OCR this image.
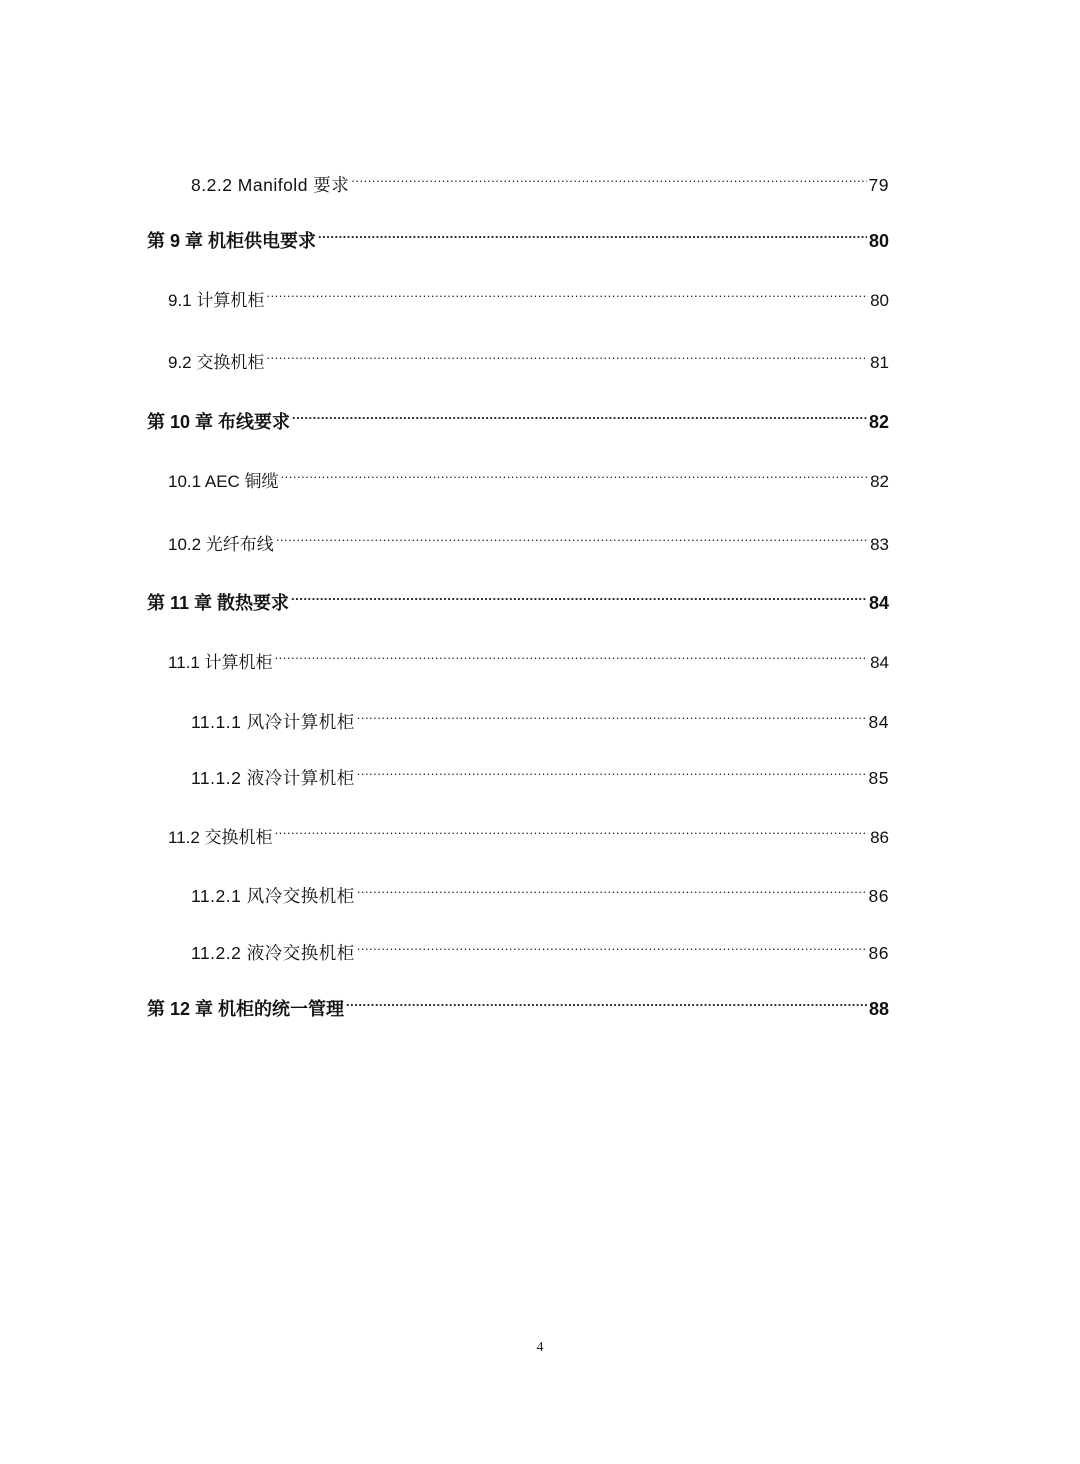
8.2.2 Manifold 要求 .....	79
第 9 章 机柜供电要求 .....	80
9.1 计算机柜 .....	80
9.2 交换机柜 .....	81
第 10 章 布线要求 .....	82
10.1 AEC 铜缆 .....	82
10.2 光纤布线 .....	83
第 11 章 散热要求 .....	84
11.1 计算机柜 .....	84
11.1.1 风冷计算机柜 .....	84
11.1.2 液冷计算机柜 .....	85
11.2 交换机柜 .....	86
11.2.1 风冷交换机柜 .....	86
11.2.2 液冷交换机柜 .....	86
第 12 章 机柜的统一管理 .....	88
4
